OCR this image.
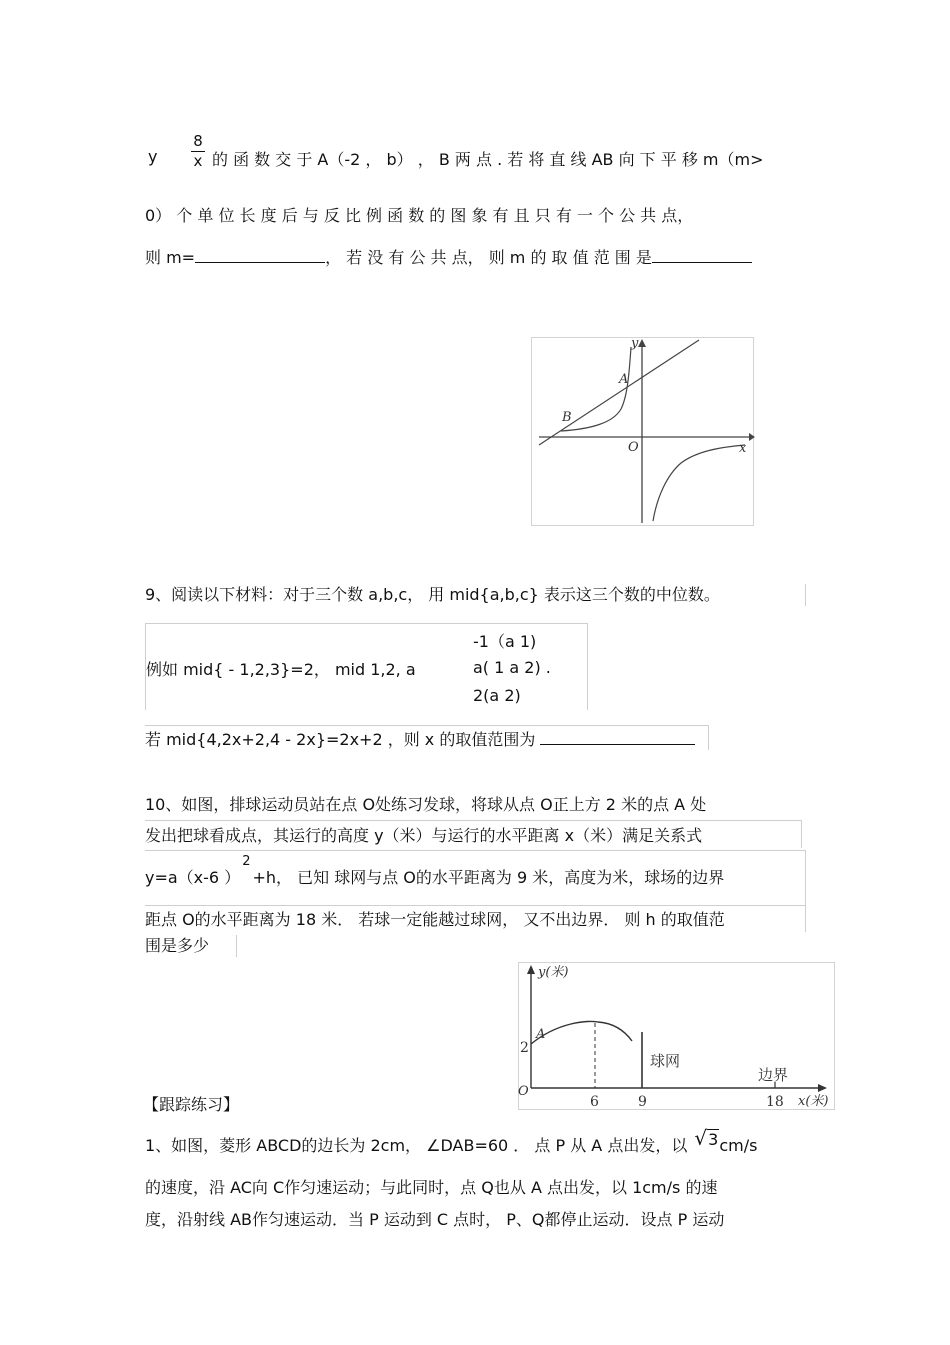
y
8
x 的 函 数 交 于 A（-2 ， b） ， B 两 点 . 若 将 直 线 AB 向 下 平 移 m（m>
0） 个 单 位 长 度 后 与 反 比 例 函 数 的 图 象 有 且 只 有 一 个 公 共 点，
则 m=	， 若 没 有 公 共 点， 则 m 的 取 值 范 围 是
y
x
O
A
B
9、阅读以下材料：对于三个数 a,b,c， 用 mid{a,b,c} 表示这三个数的中位数。
例如 mid{ - 1,2,3}=2， mid 1,2, a
-1（a 1)
a( 1 a 2) .
2(a 2)
若 mid{4,2x+2,4 - 2x}=2x+2 ，则 x 的取值范围为
10、如图，排球运动员站在点 O处练习发球，将球从点 O正上方 2 米的点 A 处
发出把球看成点，其运行的高度 y（米）与运行的水平距离 x（米）满足关系式
y=a（x-6 ）$^2$+h， 已知 球网与点 O的水平距离为 9 米，高度为米，球场的边界
距点 O的水平距离为 18 米． 若球一定能越过球网， 又不出边界． 则 h 的取值范
围是多少
y(米)
x(米)
O
A
2
6	9	18
球网
边界
【跟踪练习】
1、如图，菱形 ABCD的边长为 2cm， ∠DAB=60 ． 点 P 从 A 点出发，以 √3cm/s
的速度，沿 AC向 C作匀速运动；与此同时，点 Q也从 A 点出发，以 1cm/s 的速
度，沿射线 AB作匀速运动．当 P 运动到 C 点时， P、Q都停止运动．设点 P 运动
